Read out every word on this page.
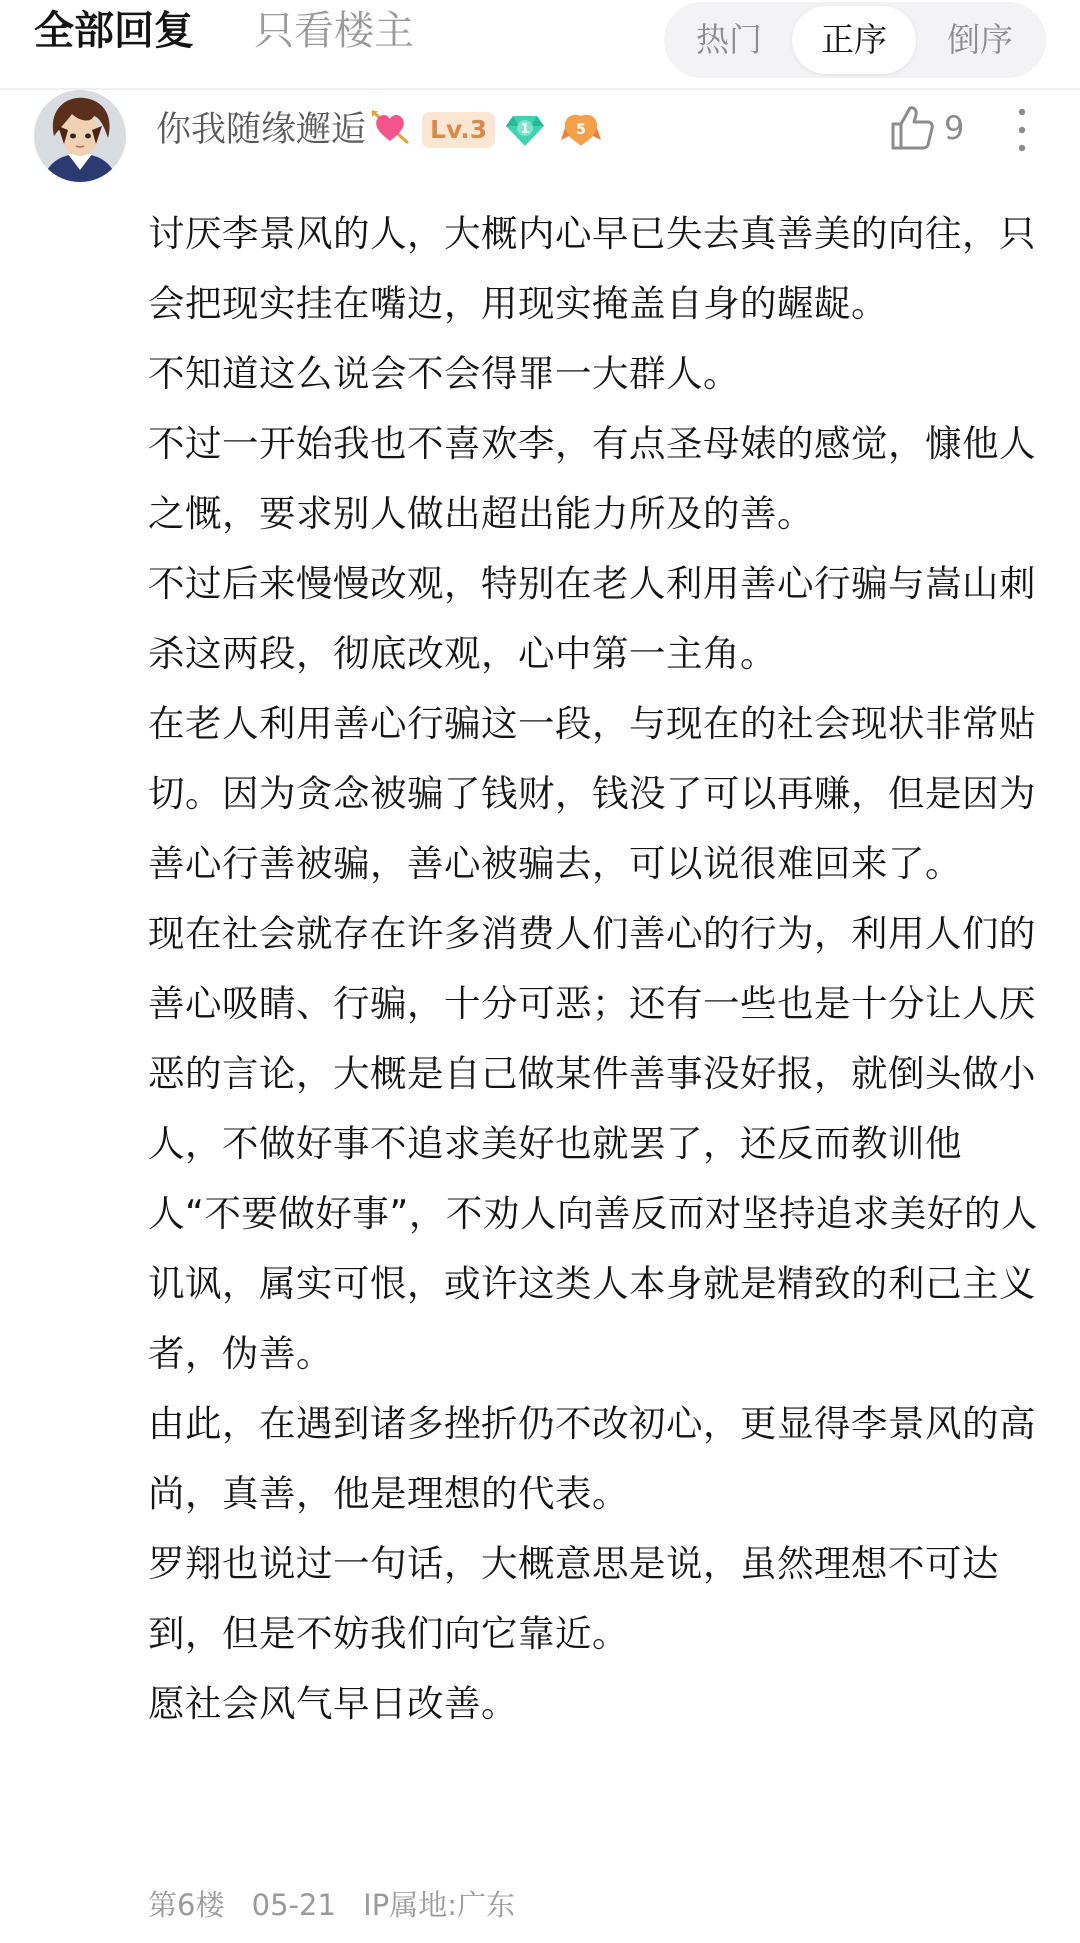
全部回复 只看楼主	热门	正序	倒序
你我随缘邂逅	Lv.3	1	5	9
讨厌李景风的人，大概内心早已失去真善美的向往，只会把现实挂在嘴边，用现实掩盖自身的龌龊。
不知道这么说会不会得罪一大群人。
不过一开始我也不喜欢李，有点圣母婊的感觉，慷他人之慨，要求别人做出超出能力所及的善。
不过后来慢慢改观，特别在老人利用善心行骗与嵩山刺杀这两段，彻底改观，心中第一主角。
在老人利用善心行骗这一段，与现在的社会现状非常贴切。因为贪念被骗了钱财，钱没了可以再赚，但是因为善心行善被骗，善心被骗去，可以说很难回来了。
现在社会就存在许多消费人们善心的行为，利用人们的善心吸睛、行骗，十分可恶；还有一些也是十分让人厌恶的言论，大概是自己做某件善事没好报，就倒头做小人，不做好事不追求美好也就罢了，还反而教训他人“不要做好事”，不劝人向善反而对坚持追求美好的人讥讽，属实可恨，或许这类人本身就是精致的利己主义者，伪善。
由此，在遇到诸多挫折仍不改初心，更显得李景风的高尚，真善，他是理想的代表。
罗翔也说过一句话，大概意思是说，虽然理想不可达到，但是不妨我们向它靠近。
愿社会风气早日改善。
第6楼 05-21 IP属地:广东
